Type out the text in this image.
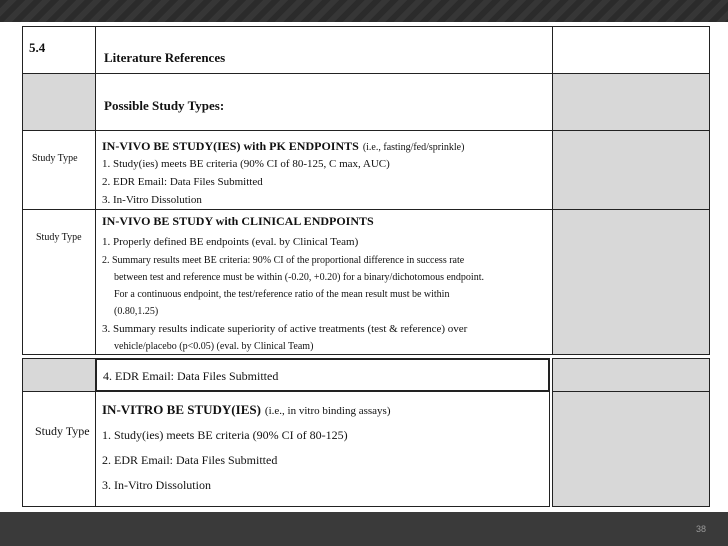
5.4
Literature References
Possible Study Types:
Study Type
IN-VIVO BE STUDY(IES) with PK ENDPOINTS (i.e., fasting/fed/sprinkle)
1. Study(ies) meets BE criteria (90% CI of 80-125, C max, AUC)
2. EDR Email: Data Files Submitted
3. In-Vitro Dissolution
Study Type
IN-VIVO BE STUDY with CLINICAL ENDPOINTS
1. Properly defined BE endpoints (eval. by Clinical Team)
2. Summary results meet BE criteria: 90% CI of the proportional difference in success rate
between test and reference must be within (-0.20, +0.20) for a binary/dichotomous endpoint.
For a continuous endpoint, the test/reference ratio of the mean result must be within
(0.80,1.25)
3. Summary results indicate superiority of active treatments (test & reference) over
vehicle/placebo (p<0.05) (eval. by Clinical Team)
4. EDR Email: Data Files Submitted
Study Type
IN-VITRO BE STUDY(IES) (i.e., in vitro binding assays)
1. Study(ies) meets BE criteria (90% CI of 80-125)
2. EDR Email: Data Files Submitted
3. In-Vitro Dissolution
38
